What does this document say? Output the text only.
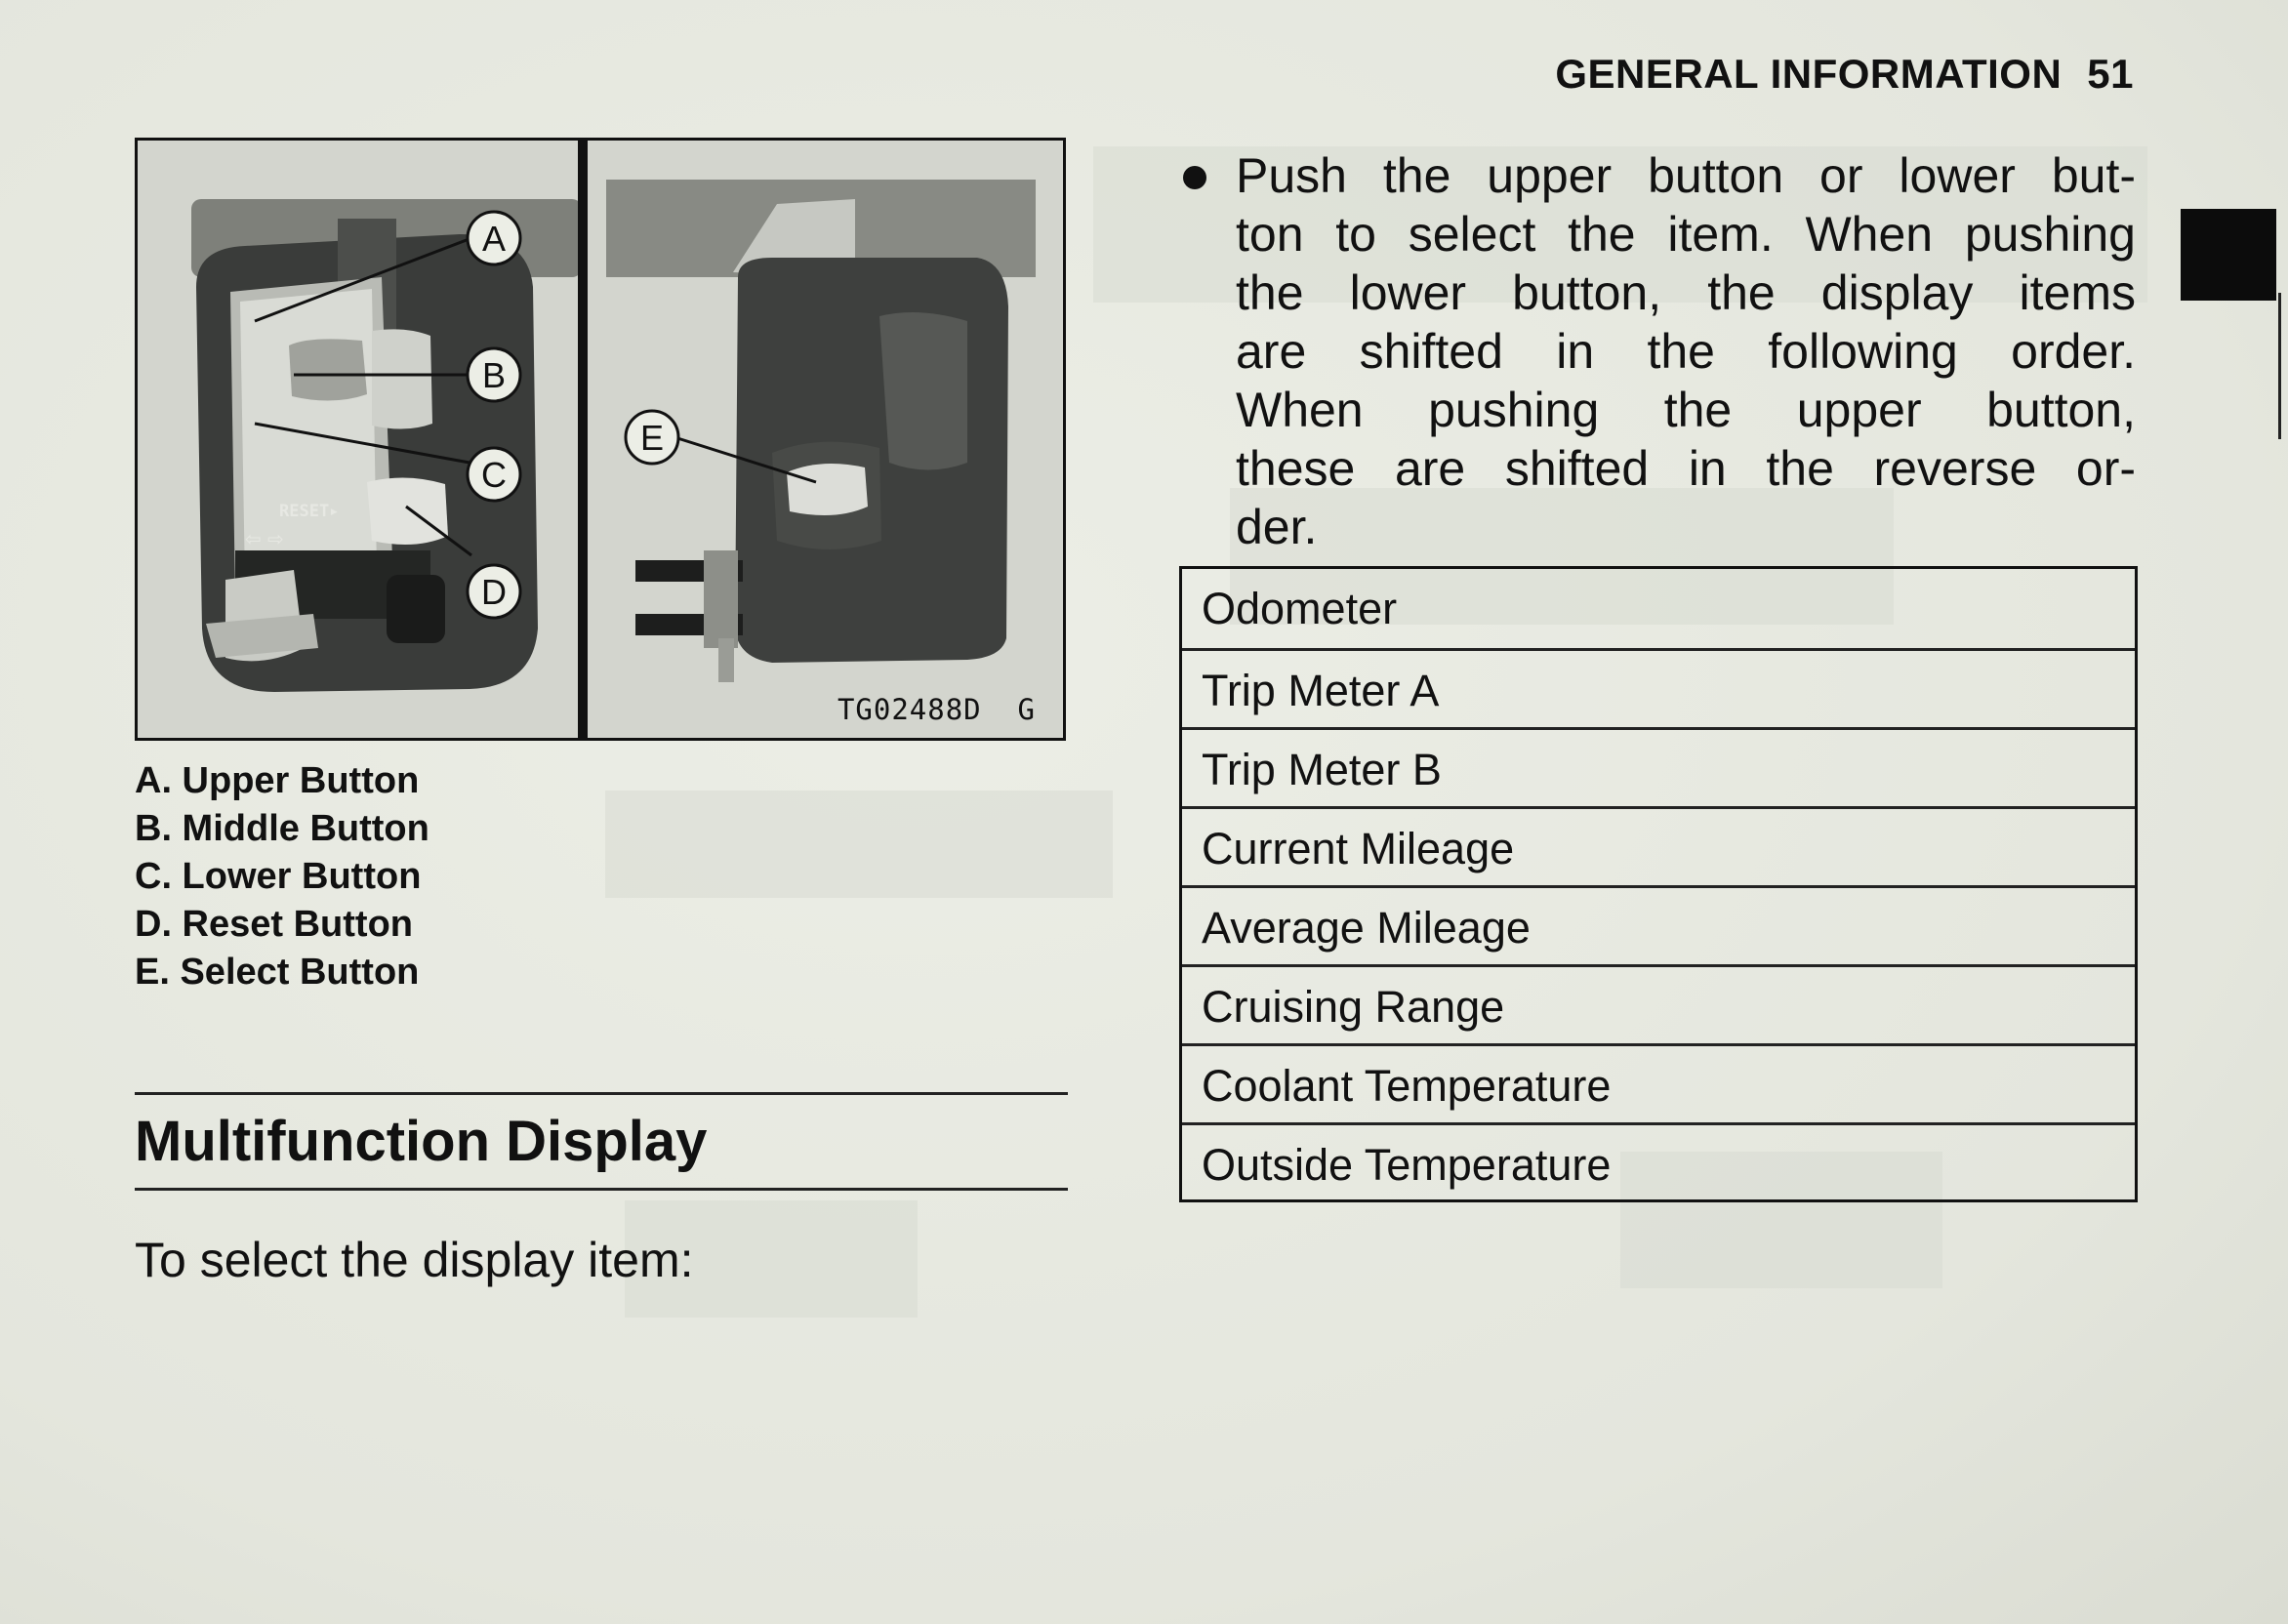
GENERAL INFORMATION 51
RESET▸
⇦ ⇨
A
B
C
D
E
TG02488D  G
A. Upper Button
B. Middle Button
C. Lower Button
D. Reset Button
E. Select Button
Multifunction Display
To select the display item:
Push the upper button or lower but-
ton to select the item. When pushing
the lower button, the display items
are shifted in the following order.
When pushing the upper button,
these are shifted in the reverse or-
der.
Odometer
Trip Meter A
Trip Meter B
Current Mileage
Average Mileage
Cruising Range
Coolant Temperature
Outside Temperature
